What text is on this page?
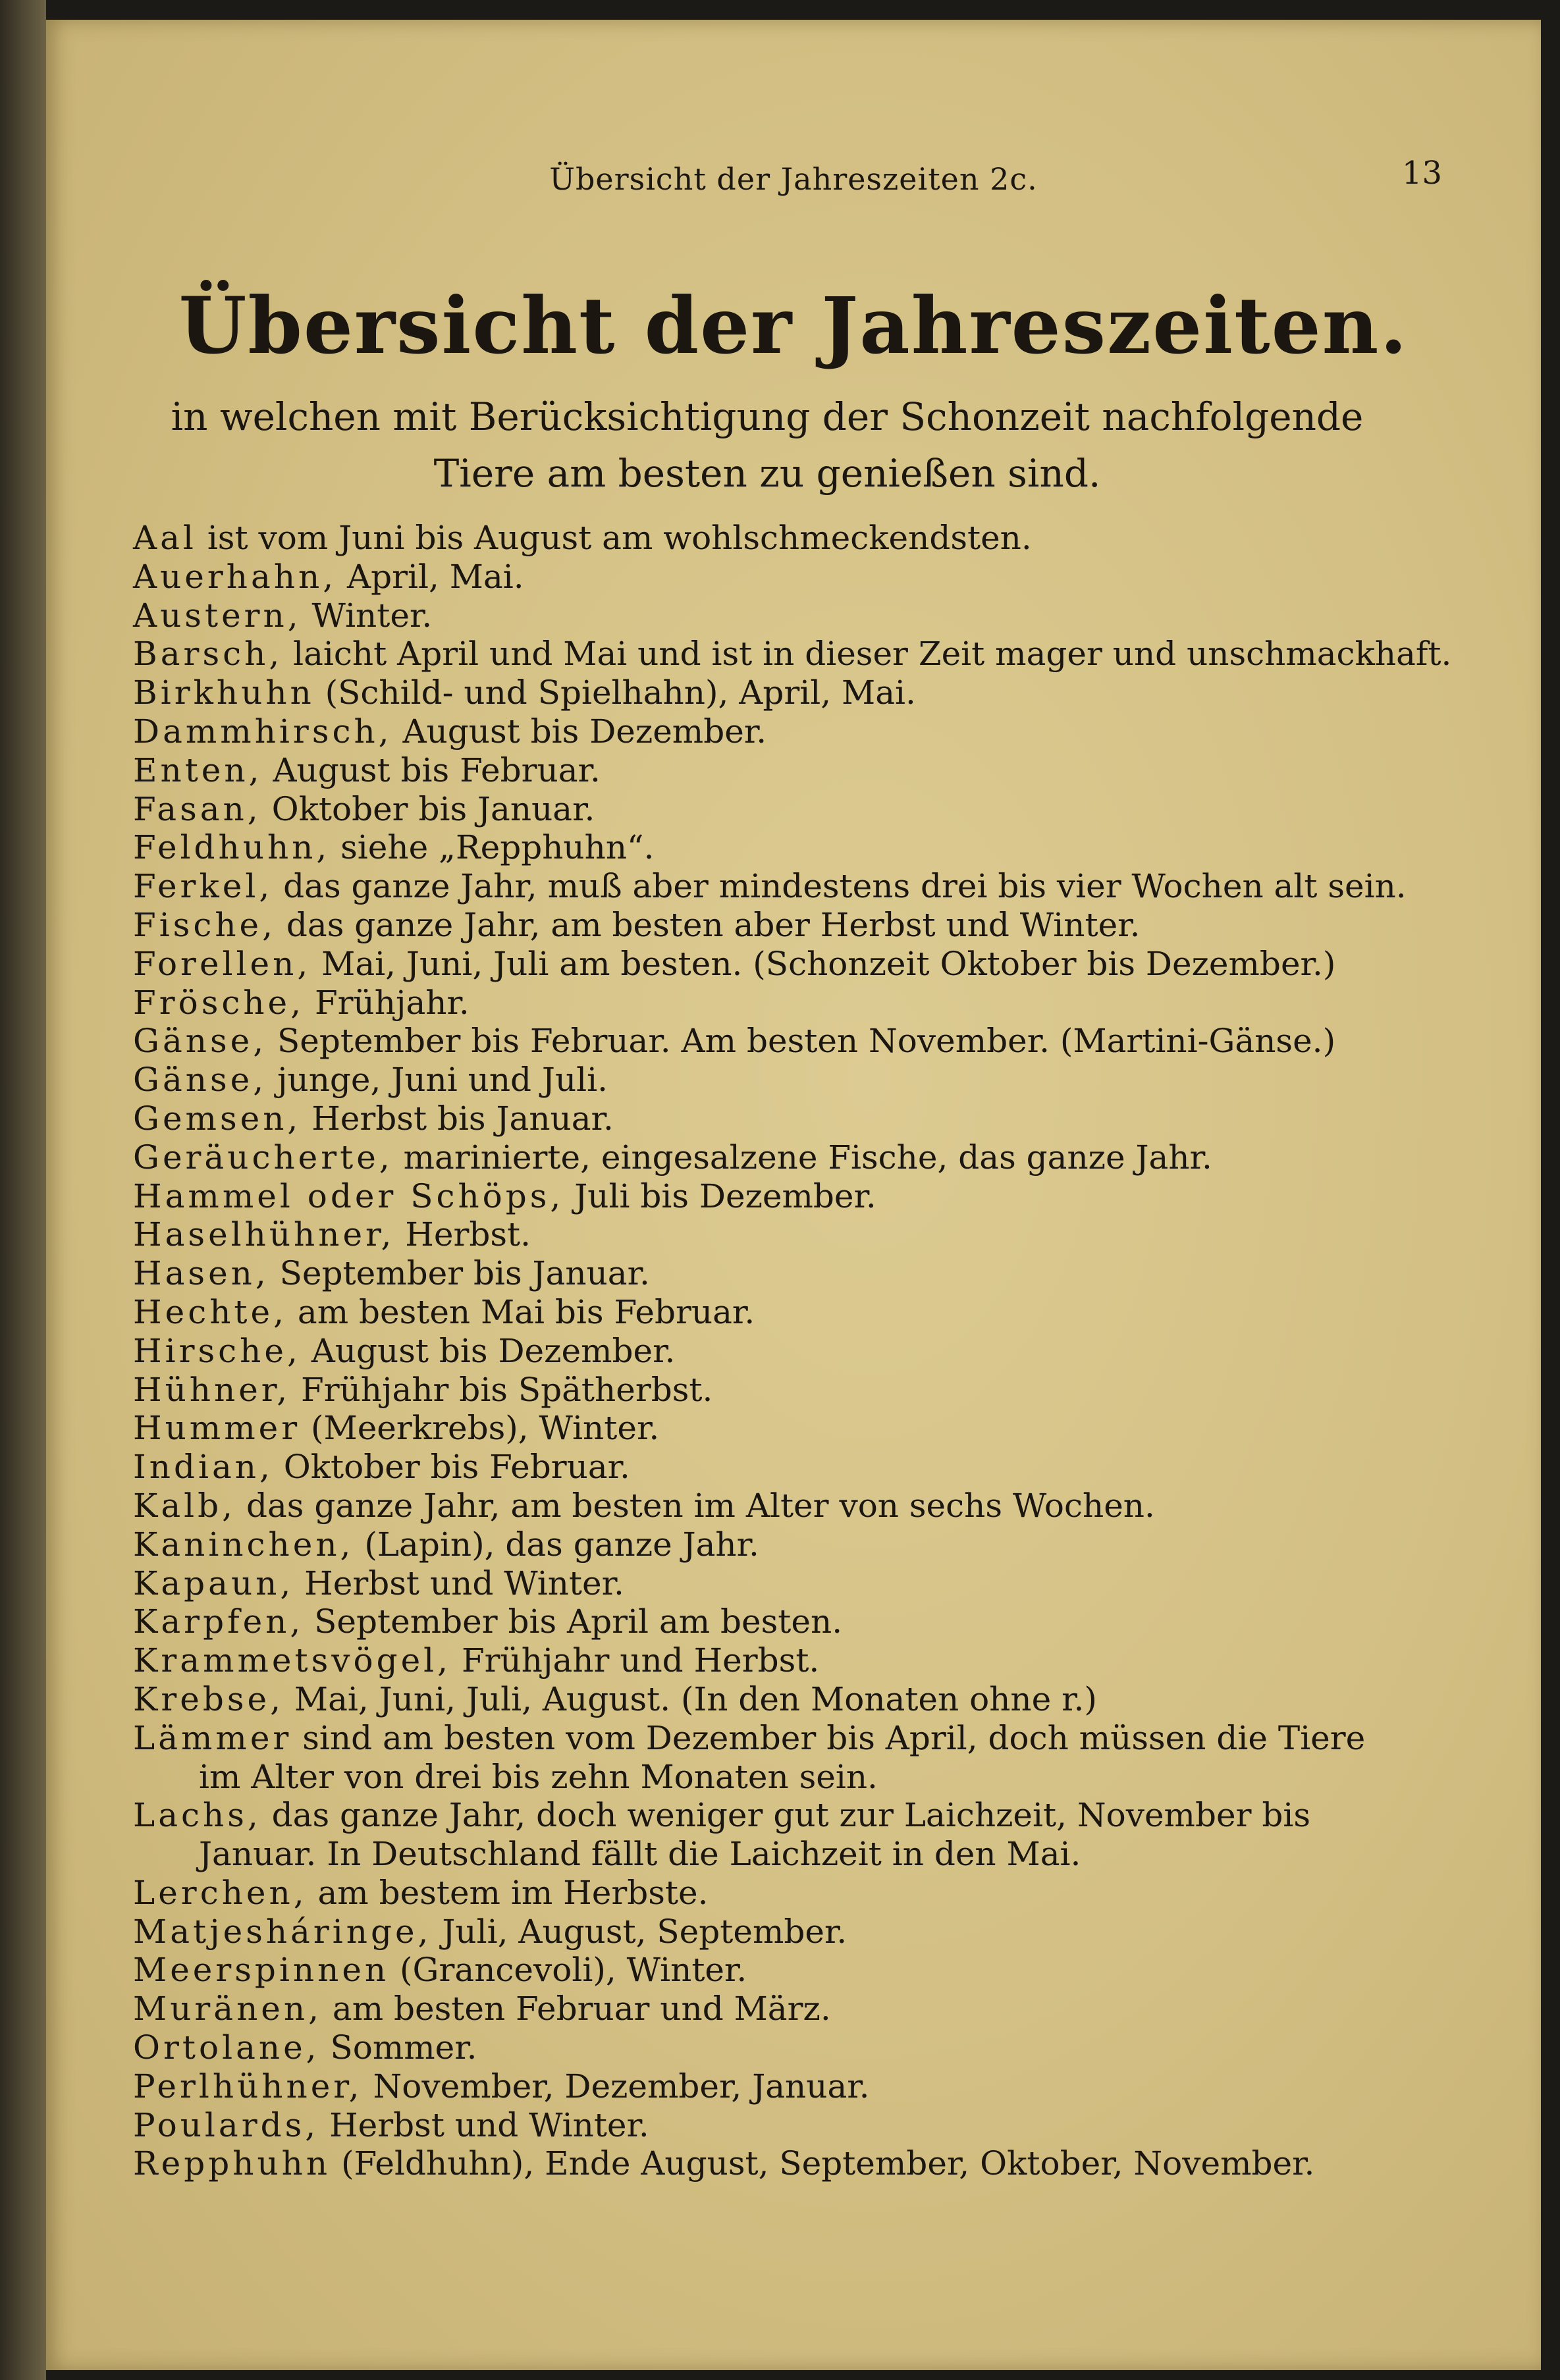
Übersicht der Jahreszeiten 2c.	13
Übersicht der Jahreszeiten.
in welchen mit Berücksichtigung der Schonzeit nachfolgende Tiere am besten zu genießen sind.
Aal ist vom Juni bis August am wohlschmeckendsten.
Auerhahn, April, Mai.
Austern, Winter.
Barsch, laicht April und Mai und ist in dieser Zeit mager und unschmackhaft.
Birkhuhn (Schild- und Spielhahn), April, Mai.
Dammhirsch, August bis Dezember.
Enten, August bis Februar.
Fasan, Oktober bis Januar.
Feldhuhn, siehe „Repphuhn“.
Ferkel, das ganze Jahr, muß aber mindestens drei bis vier Wochen alt sein.
Fische, das ganze Jahr, am besten aber Herbst und Winter.
Forellen, Mai, Juni, Juli am besten. (Schonzeit Oktober bis Dezember.)
Frösche, Frühjahr.
Gänse, September bis Februar. Am besten November. (Martini-Gänse.)
Gänse, junge, Juni und Juli.
Gemsen, Herbst bis Januar.
Geräucherte, marinierte, eingesalzene Fische, das ganze Jahr.
Hammel oder Schöps, Juli bis Dezember.
Haselhühner, Herbst.
Hasen, September bis Januar.
Hechte, am besten Mai bis Februar.
Hirsche, August bis Dezember.
Hühner, Frühjahr bis Spätherbst.
Hummer (Meerkrebs), Winter.
Indian, Oktober bis Februar.
Kalb, das ganze Jahr, am besten im Alter von sechs Wochen.
Kaninchen, (Lapin), das ganze Jahr.
Kapaun, Herbst und Winter.
Karpfen, September bis April am besten.
Krammetsvögel, Frühjahr und Herbst.
Krebse, Mai, Juni, Juli, August. (In den Monaten ohne r.)
Lämmer sind am besten vom Dezember bis April, doch müssen die Tiere im Alter von drei bis zehn Monaten sein.
Lachs, das ganze Jahr, doch weniger gut zur Laichzeit, November bis Januar. In Deutschland fällt die Laichzeit in den Mai.
Lerchen, am bestem im Herbste.
Matjesháringe, Juli, August, September.
Meerspinnen (Grancevoli), Winter.
Muränen, am besten Februar und März.
Ortolane, Sommer.
Perlhühner, November, Dezember, Januar.
Poulards, Herbst und Winter.
Repphuhn (Feldhuhn), Ende August, September, Oktober, November.
